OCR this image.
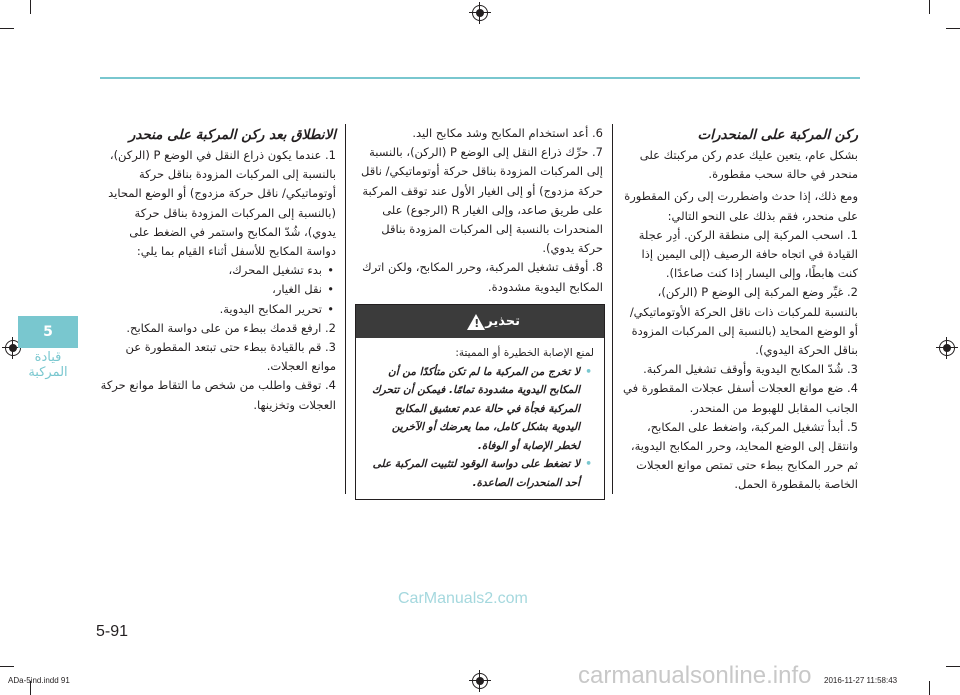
ركن المركبة على المنحدرات

بشكل عام، يتعين عليك عدم ركن مركبتك على منحدر في حالة سحب مقطورة.

ومع ذلك، إذا حدث واضطررت إلى ركن المقطورة على منحدر، فقم بذلك على النحو التالي:

1. اسحب المركبة إلى منطقة الركن. أدِر عجلة القيادة في اتجاه حافة الرصيف (إلى اليمين إذا كنت هابطًا، وإلى اليسار إذا كنت صاعدًا).

2. غيِّر وضع المركبة إلى الوضع P (الركن)، بالنسبة للمركبات ذات ناقل الحركة الأوتوماتيكي/ أو الوضع المحايد (بالنسبة إلى المركبات المزودة بناقل الحركة اليدوي).

3. شُدّ المكابح اليدوية وأوقف تشغيل المركبة.

4. ضع موانع العجلات أسفل عجلات المقطورة في الجانب المقابل للهبوط من المنحدر.

5. أبدأ تشغيل المركبة، واضغط على المكابح، وانتقل إلى الوضع المحايد، وحرر المكابح اليدوية، ثم حرر المكابح ببطء حتى تمتص موانع العجلات الخاصة بالمقطورة الحمل.

6. أعد استخدام المكابح وشد مكابح اليد.

7. حرِّك ذراع النقل إلى الوضع P (الركن)، بالنسبة إلى المركبات المزودة بناقل حركة أوتوماتيكي/ ناقل حركة مزدوج) أو إلى الغيار الأول عند توقف المركبة على طريق صاعد، وإلى الغيار R (الرجوع) على المنحدرات بالنسبة إلى المركبات المزودة بناقل حركة يدوي).

8. أوقف تشغيل المركبة، وحرر المكابح، ولكن اترك المكابح اليدوية مشدودة.

تحذير
!

لمنع الإصابة الخطيرة أو المميتة:

• لا تخرج من المركبة ما لم تكن متأكدًا من أن المكابح اليدوية مشدودة تمامًا. فيمكن أن تتحرك المركبة فجأة في حالة عدم تعشيق المكابح اليدوية بشكل كامل، مما يعرضك أو الآخرين لخطر الإصابة أو الوفاة.
• لا تضغط على دواسة الوقود لتثبيت المركبة على أحد المنحدرات الصاعدة.

الانطلاق بعد ركن المركبة على منحدر

1. عندما يكون ذراع النقل في الوضع P (الركن)، بالنسبة إلى المركبات المزودة بناقل حركة أوتوماتيكي/ ناقل حركة مزدوج) أو الوضع المحايد (بالنسبة إلى المركبات المزودة بناقل حركة يدوي)، شُدّ المكابح واستمر في الضغط على دواسة المكابح للأسفل أثناء القيام بما يلي:

• بدء تشغيل المحرك،
• نقل الغيار،
• تحرير المكابح اليدوية.

2. ارفع قدمك ببطء من على دواسة المكابح.

3. قم بالقيادة ببطء حتى تبتعد المقطورة عن موانع العجلات.

4. توقف واطلب من شخص ما التقاط موانع حركة العجلات وتخزينها.

5
قيادة المركبة
CarManuals2.com
5-91
ADa-5ind.indd 91	carmanualsonline.info 2016-11-27 11:58:43
